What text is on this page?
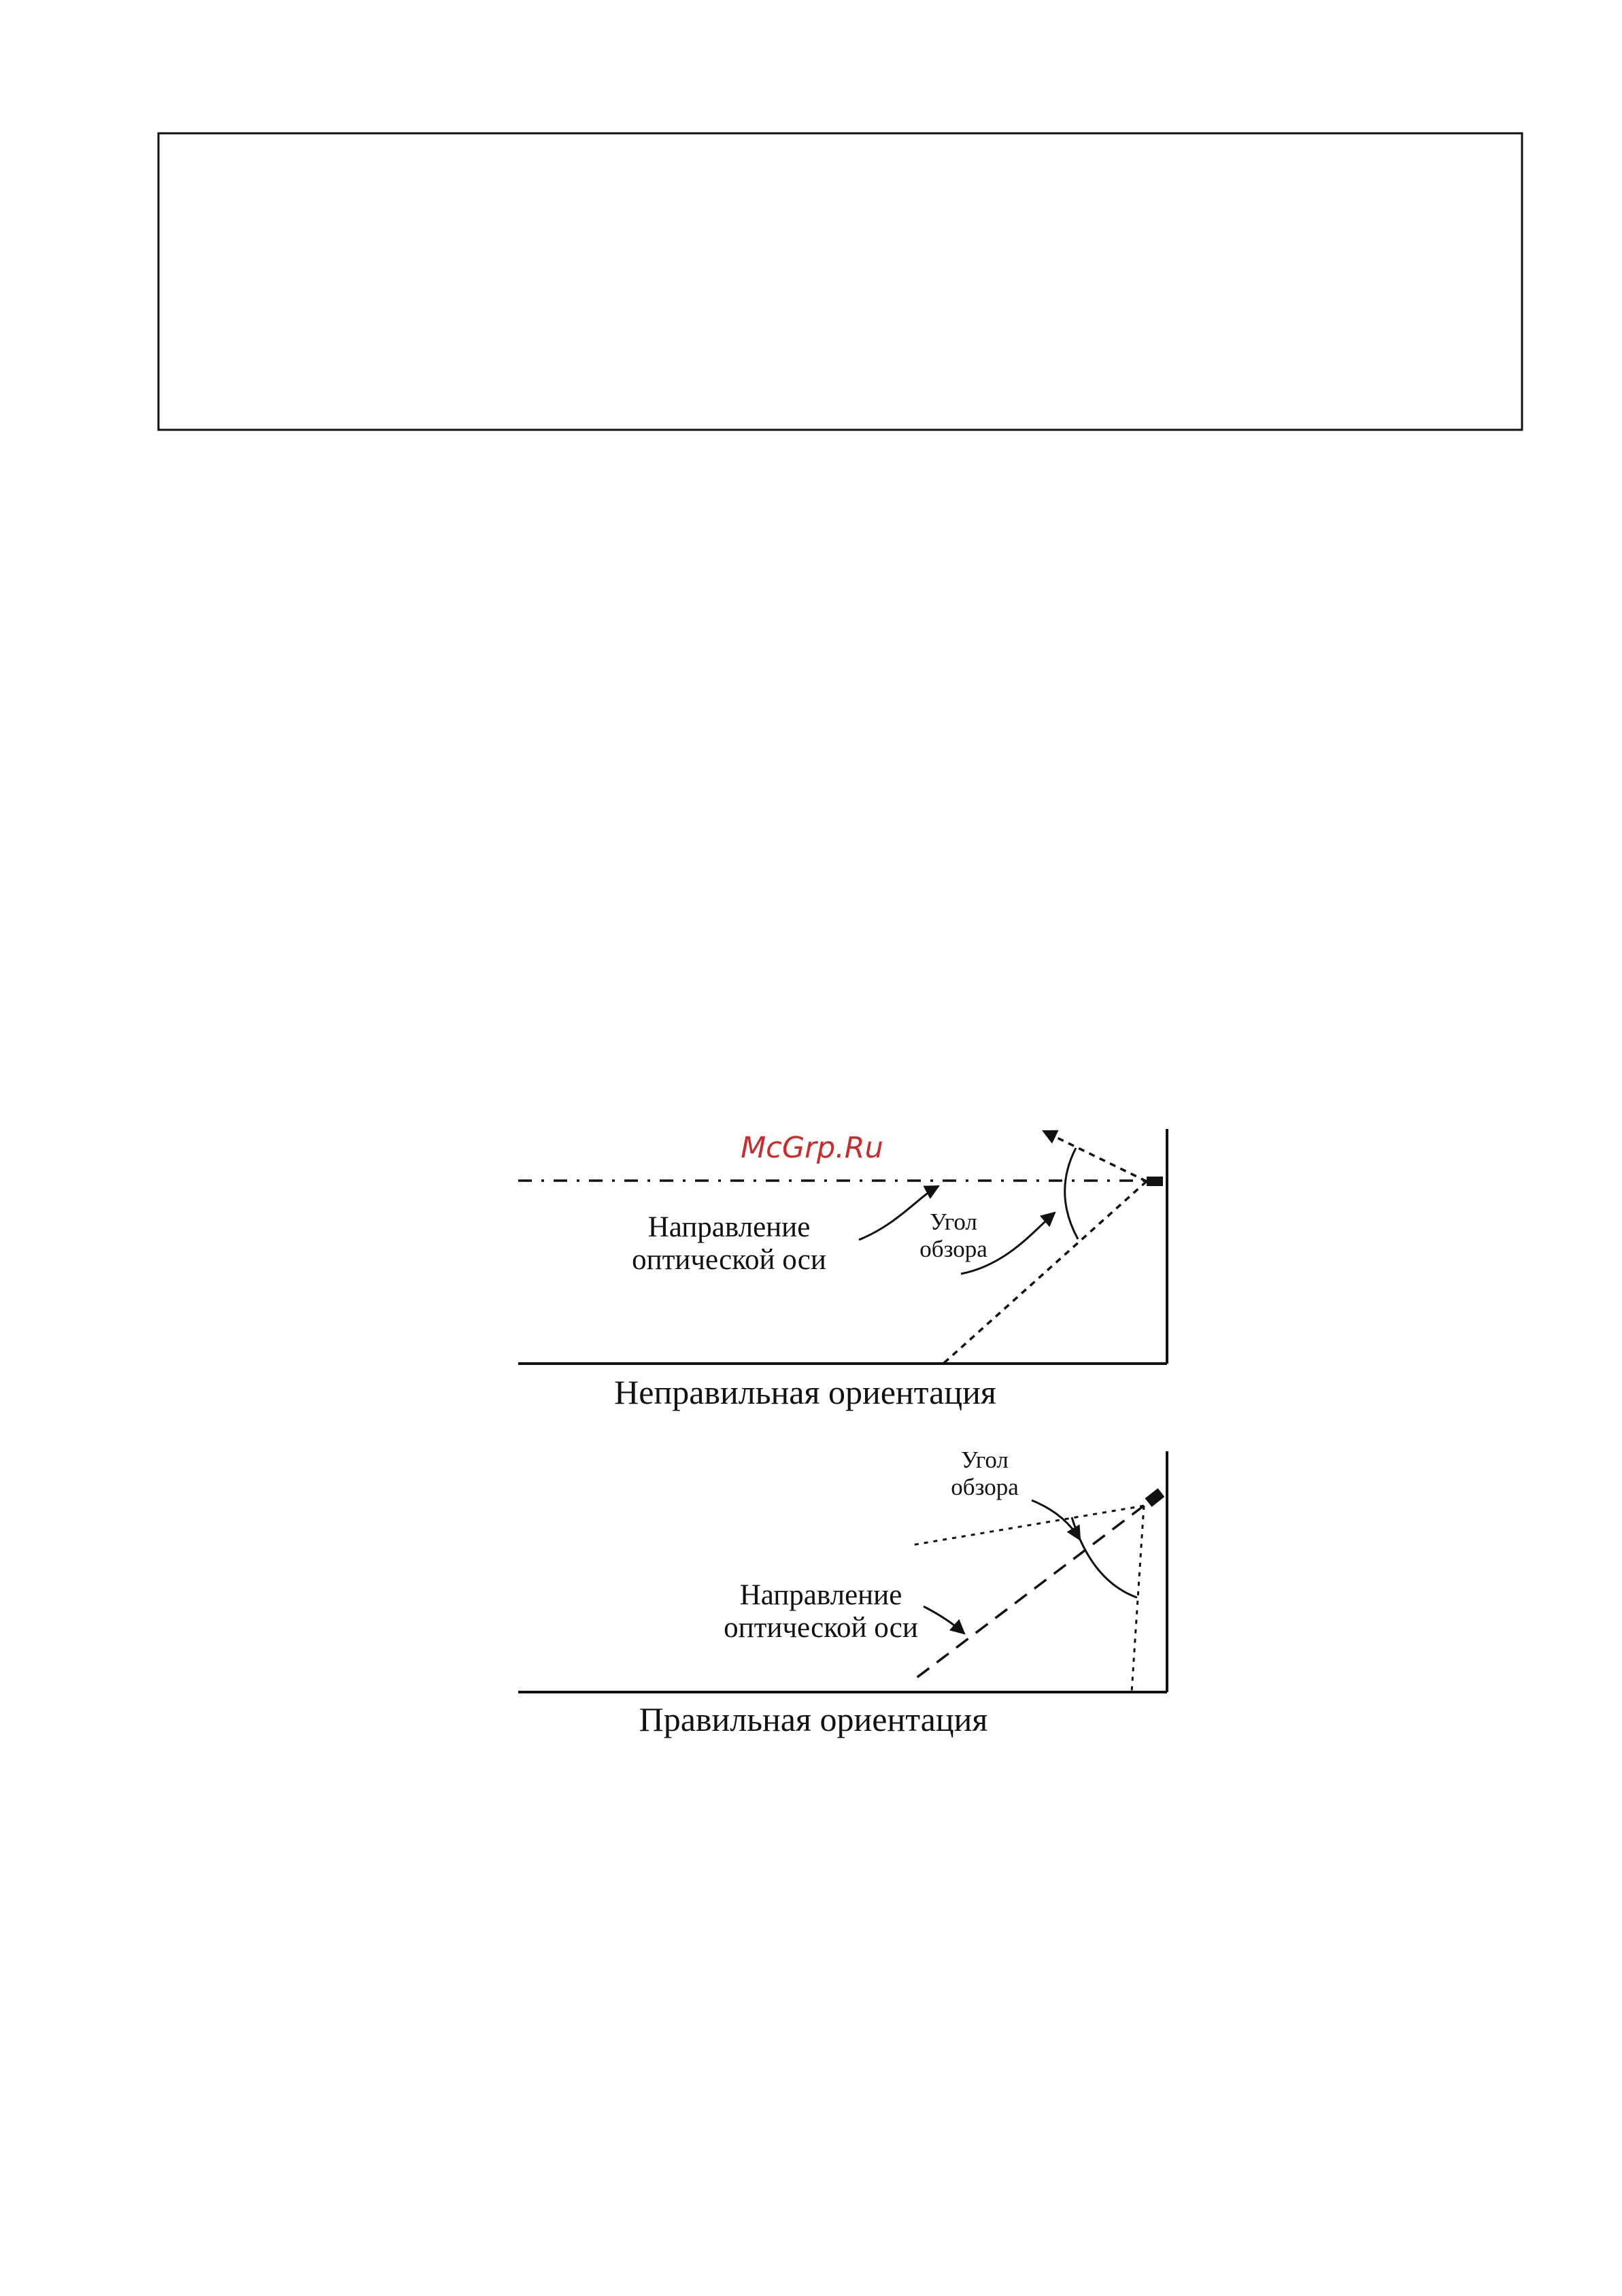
Направление
оптической оси
Угол
обзора
Неправильная ориентация
McGrp.Ru
Угол
обзора
Направление
оптической оси
Правильная ориентация
